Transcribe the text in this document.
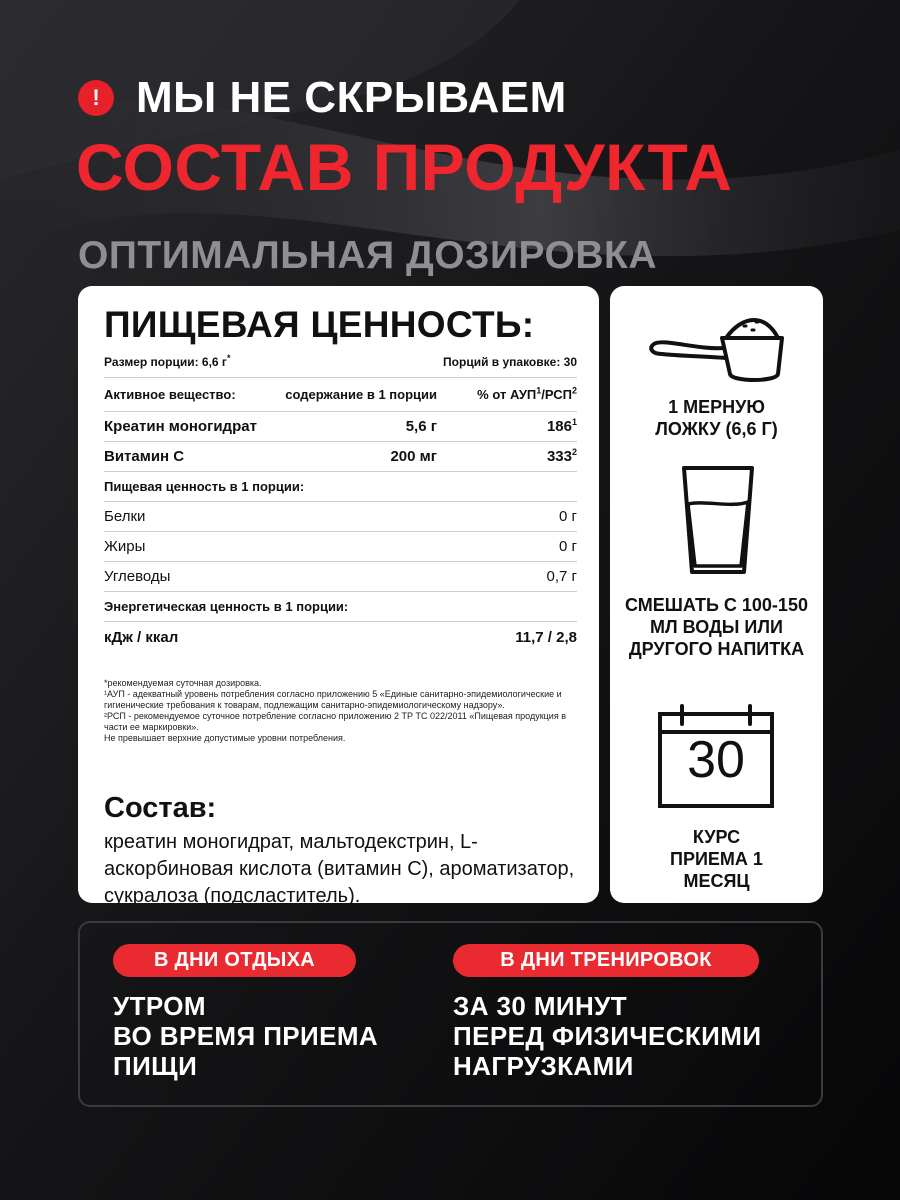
! МЫ НЕ СКРЫВАЕМ
СОСТАВ ПРОДУКТА
ОПТИМАЛЬНАЯ ДОЗИРОВКА
ПИЩЕВАЯ ЦЕННОСТЬ:
Размер порции: 6,6 г*	Порций в упаковке: 30
Активное вещество:	содержание в 1 порции	% от АУП$^1$/РСП$^2$
Креатин моногидрат	5,6 г	$186^1$
Витамин С	200 мг	$333^2$
Пищевая ценность в 1 порции:
Белки	0 г
Жиры	0 г
Углеводы	0,7 г
Энергетическая ценность в 1 порции:
кДж / ккал	11,7 / 2,8
*рекомендуемая суточная дозировка.
¹АУП - адекватный уровень потребления согласно приложению 5 «Единые санитарно-эпидемиологические и гигиенические требования к товарам, подлежащим санитарно-эпидемиологическому надзору».
²РСП - рекомендуемое суточное потребление согласно приложению 2 ТР ТС 022/2011 «Пищевая продукция в части ее маркировки».
Не превышает верхние допустимые уровни потребления.
Состав:
креатин моногидрат, мальтодекстрин, L-аскорбиновая кислота (витамин С), ароматизатор, сукралоза (подсластитель).
1 МЕРНУЮ ЛОЖКУ (6,6 Г)
СМЕШАТЬ С 100-150 МЛ ВОДЫ ИЛИ ДРУГОГО НАПИТКА
30
КУРС ПРИЕМА 1 МЕСЯЦ
В ДНИ ОТДЫХА
УТРОМ
ВО ВРЕМЯ ПРИЕМА
ПИЩИ
В ДНИ ТРЕНИРОВОК
ЗА 30 МИНУТ
ПЕРЕД ФИЗИЧЕСКИМИ
НАГРУЗКАМИ
